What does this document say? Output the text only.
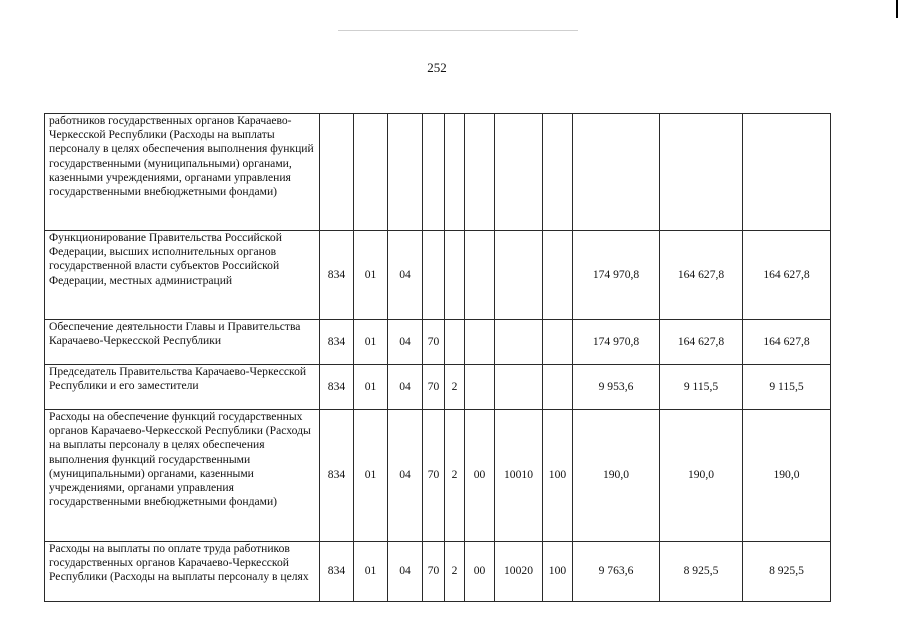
252
работников государственных органов Карачаево-Черкесской Республики (Расходы на выплаты персоналу в целях обеспечения выполнения функций государственными (муниципальными) органами, казенными учреждениями, органами управления государственными внебюджетными фондами)											
Функционирование Правительства Российской Федерации, высших исполнительных органов государственной власти субъектов Российской Федерации, местных администраций	834	01	04						174 970,8	164 627,8	164 627,8
Обеспечение деятельности Главы и Правительства Карачаево-Черкесской Республики	834	01	04	70					174 970,8	164 627,8	164 627,8
Председатель Правительства Карачаево-Черкесской Республики и его заместители	834	01	04	70	2				9 953,6	9 115,5	9 115,5
Расходы на обеспечение функций государственных органов Карачаево-Черкесской Республики (Расходы на выплаты персоналу в целях обеспечения выполнения функций государственными (муниципальными) органами, казенными учреждениями, органами управления государственными внебюджетными фондами)	834	01	04	70	2	00	10010	100	190,0	190,0	190,0
Расходы на выплаты по оплате труда работников государственных органов Карачаево-Черкесской Республики (Расходы на выплаты персоналу в целях	834	01	04	70	2	00	10020	100	9 763,6	8 925,5	8 925,5
